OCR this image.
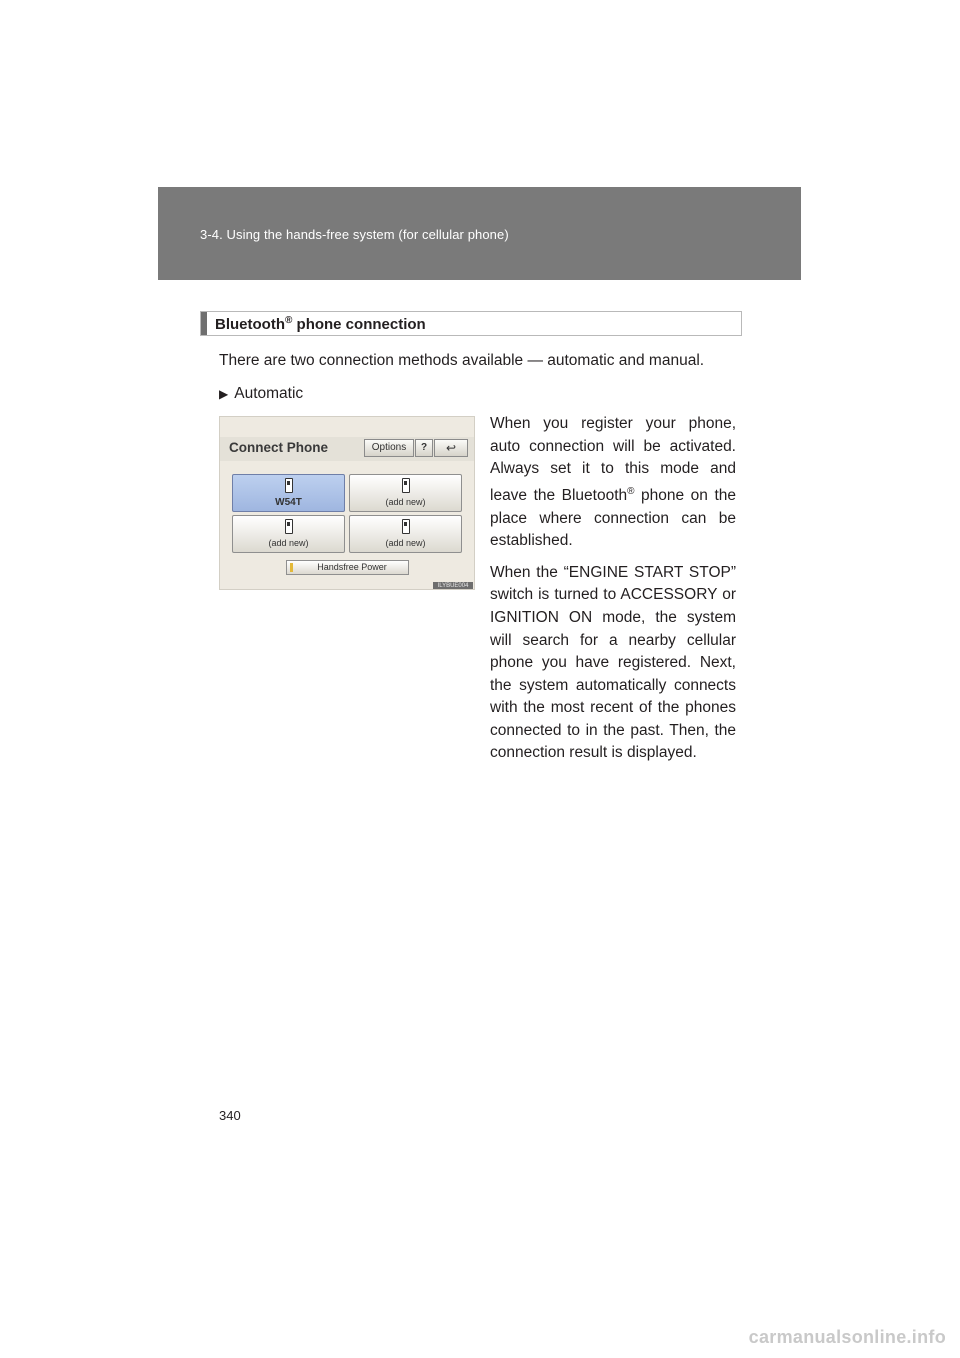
3-4. Using the hands-free system (for cellular phone)
Bluetooth® phone connection
There are two connection methods available — automatic and manual.
▶ Automatic
Connect Phone	Options	?	↩
W54T	(add new)
(add new)	(add new)
Handsfree Power
ILYBUE004

When you register your phone, auto connection will be activated. Always set it to this mode and leave the Bluetooth® phone on the place where connection can be established.

When the “ENGINE START STOP” switch is turned to ACCESSORY or IGNITION ON mode, the system will search for a nearby cellular phone you have registered. Next, the system automatically connects with the most recent of the phones connected to in the past. Then, the connection result is displayed.

340
carmanualsonline.info
